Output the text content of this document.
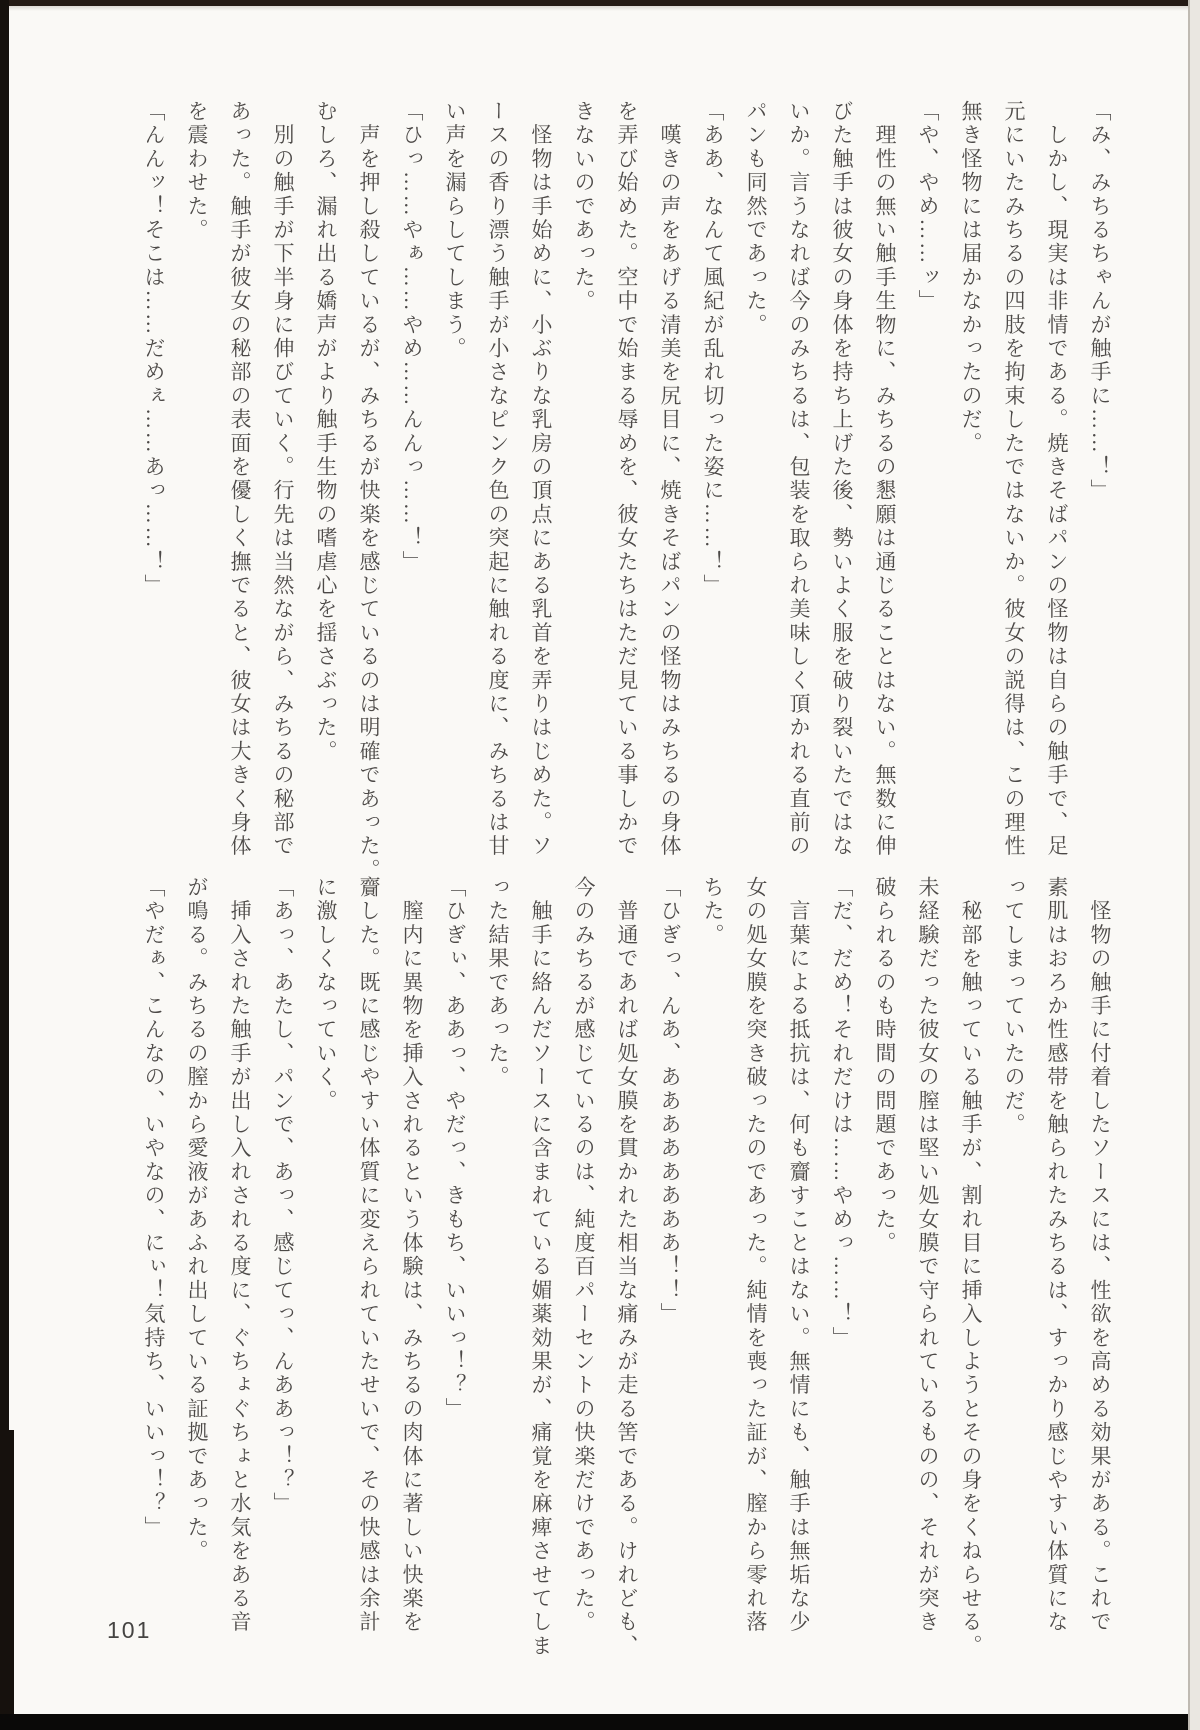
「み、みちるちゃんが触手に……！」

　しかし、現実は非情である。焼きそばパンの怪物は自らの触手で、足

元にいたみちるの四肢を拘束したではないか。彼女の説得は、この理性

無き怪物には届かなかったのだ。

「や、やめ……ッ」

　理性の無い触手生物に、みちるの懇願は通じることはない。無数に伸

びた触手は彼女の身体を持ち上げた後、勢いよく服を破り裂いたではな

いか。言うなれば今のみちるは、包装を取られ美味しく頂かれる直前の

パンも同然であった。

「ああ、なんて風紀が乱れ切った姿に……！」

　嘆きの声をあげる清美を尻目に、焼きそばパンの怪物はみちるの身体

を弄び始めた。空中で始まる辱めを、彼女たちはただ見ている事しかで

きないのであった。

　怪物は手始めに、小ぶりな乳房の頂点にある乳首を弄りはじめた。ソ

ースの香り漂う触手が小さなピンク色の突起に触れる度に、みちるは甘

い声を漏らしてしまう。

「ひっ……やぁ……やめ……んんっ……！」

　声を押し殺しているが、みちるが快楽を感じているのは明確であった。

むしろ、漏れ出る嬌声がより触手生物の嗜虐心を揺さぶった。

　別の触手が下半身に伸びていく。行先は当然ながら、みちるの秘部で

あった。触手が彼女の秘部の表面を優しく撫でると、彼女は大きく身体

を震わせた。

「んんッ！そこは……だめぇ……あっ……！」

　怪物の触手に付着したソースには、性欲を高める効果がある。これで

素肌はおろか性感帯を触られたみちるは、すっかり感じやすい体質にな

ってしまっていたのだ。

　秘部を触っている触手が、割れ目に挿入しようとその身をくねらせる。

未経験だった彼女の膣は堅い処女膜で守られているものの、それが突き

破られるのも時間の問題であった。

「だ、だめ！それだけは……やめっ……！」

　言葉による抵抗は、何も齎すことはない。無情にも、触手は無垢な少

女の処女膜を突き破ったのであった。純情を喪った証が、膣から零れ落

ちた。

「ひぎっ、んあ、ああああああああ！！」

　普通であれば処女膜を貫かれた相当な痛みが走る筈である。けれども、

今のみちるが感じているのは、純度百パーセントの快楽だけであった。

　触手に絡んだソースに含まれている媚薬効果が、痛覚を麻痺させてしま

った結果であった。

「ひぎぃ、ああっ、やだっ、きもち、いいっ！？」

　膣内に異物を挿入されるという体験は、みちるの肉体に著しい快楽を

齎した。既に感じやすい体質に変えられていたせいで、その快感は余計

に激しくなっていく。

「あっ、あたし、パンで、あっ、感じてっ、んああっ！？」

　挿入された触手が出し入れされる度に、ぐちょぐちょと水気をある音

が鳴る。みちるの膣から愛液があふれ出している証拠であった。

「やだぁ、こんなの、いやなの、にぃ！気持ち、いいっ！？」

101
